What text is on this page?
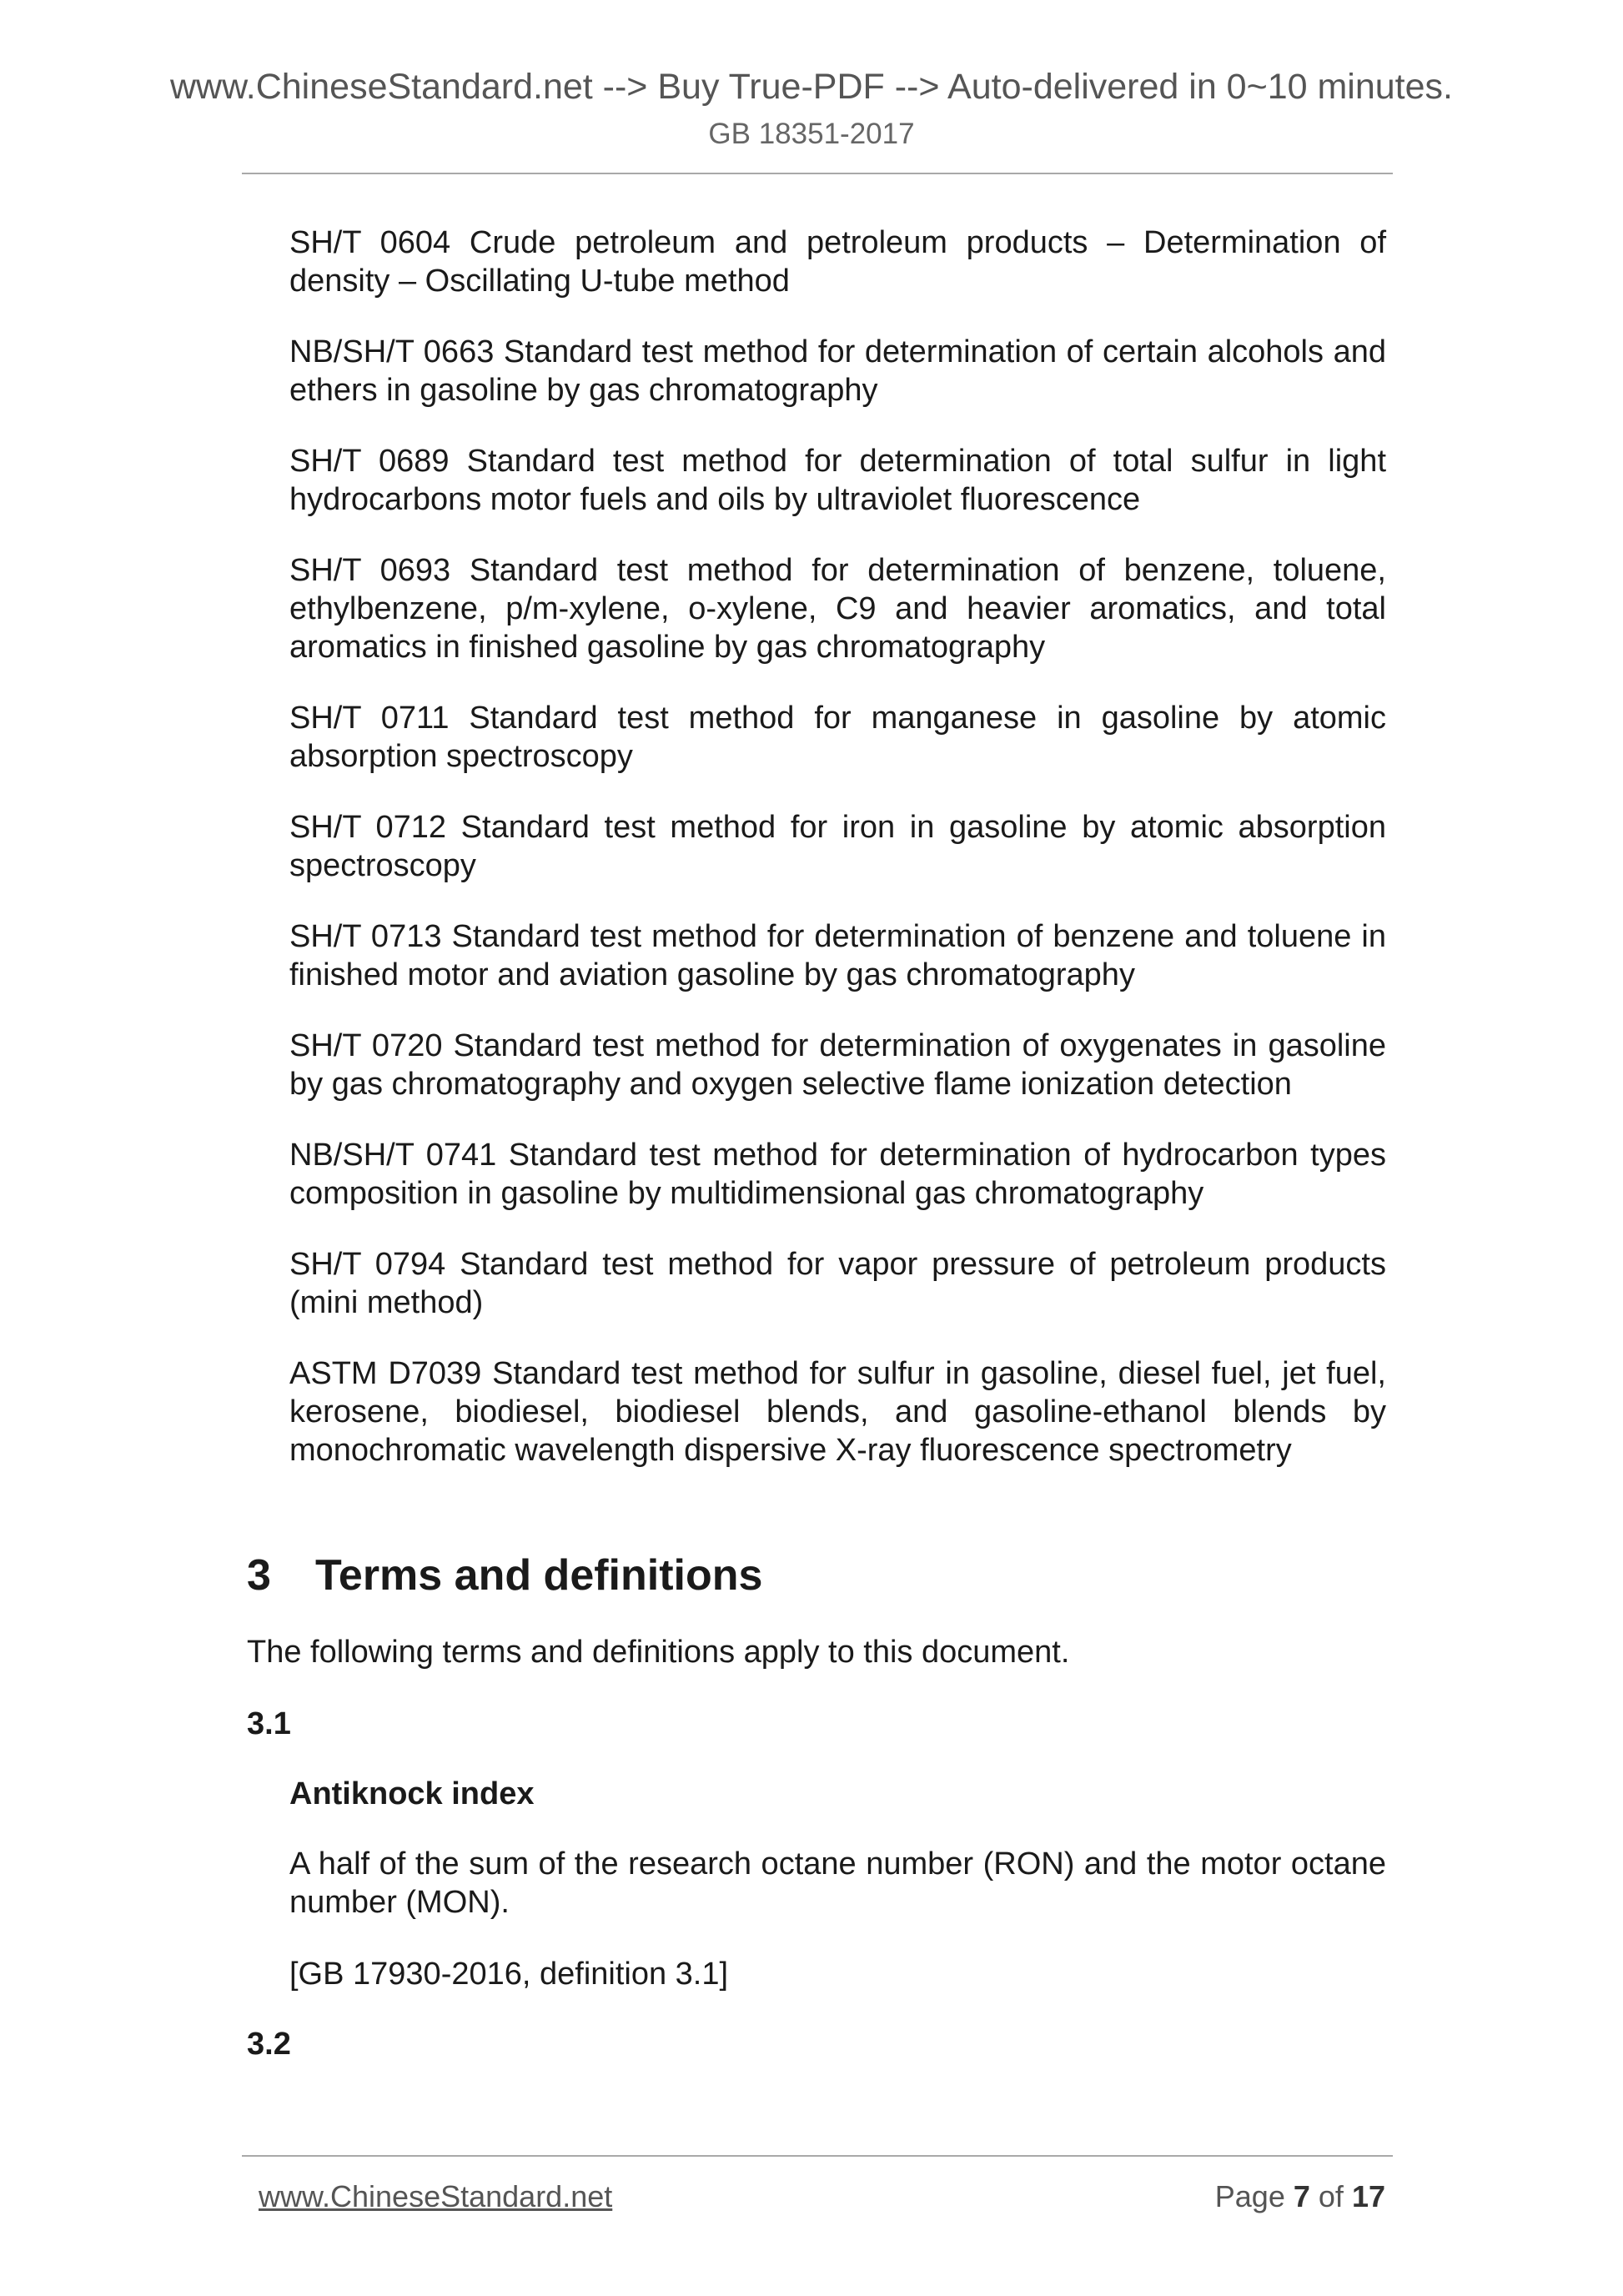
www.ChineseStandard.net --> Buy True-PDF --> Auto-delivered in 0~10 minutes.
GB 18351-2017

SH/T 0604 Crude petroleum and petroleum products – Determination of density – Oscillating U-tube method

NB/SH/T 0663 Standard test method for determination of certain alcohols and ethers in gasoline by gas chromatography

SH/T 0689 Standard test method for determination of total sulfur in light hydrocarbons motor fuels and oils by ultraviolet fluorescence

SH/T 0693 Standard test method for determination of benzene, toluene, ethylbenzene, p/m-xylene, o-xylene, C9 and heavier aromatics, and total aromatics in finished gasoline by gas chromatography

SH/T 0711 Standard test method for manganese in gasoline by atomic absorption spectroscopy

SH/T 0712 Standard test method for iron in gasoline by atomic absorption spectroscopy

SH/T 0713 Standard test method for determination of benzene and toluene in finished motor and aviation gasoline by gas chromatography

SH/T 0720 Standard test method for determination of oxygenates in gasoline by gas chromatography and oxygen selective flame ionization detection

NB/SH/T 0741 Standard test method for determination of hydrocarbon types composition in gasoline by multidimensional gas chromatography

SH/T 0794 Standard test method for vapor pressure of petroleum products (mini method)

ASTM D7039 Standard test method for sulfur in gasoline, diesel fuel, jet fuel, kerosene, biodiesel, biodiesel blends, and gasoline-ethanol blends by monochromatic wavelength dispersive X-ray fluorescence spectrometry

3 Terms and definitions
The following terms and definitions apply to this document.
3.1
Antiknock index
A half of the sum of the research octane number (RON) and the motor octane number (MON).
[GB 17930-2016, definition 3.1]
3.2
www.ChineseStandard.net	Page 7 of 17
